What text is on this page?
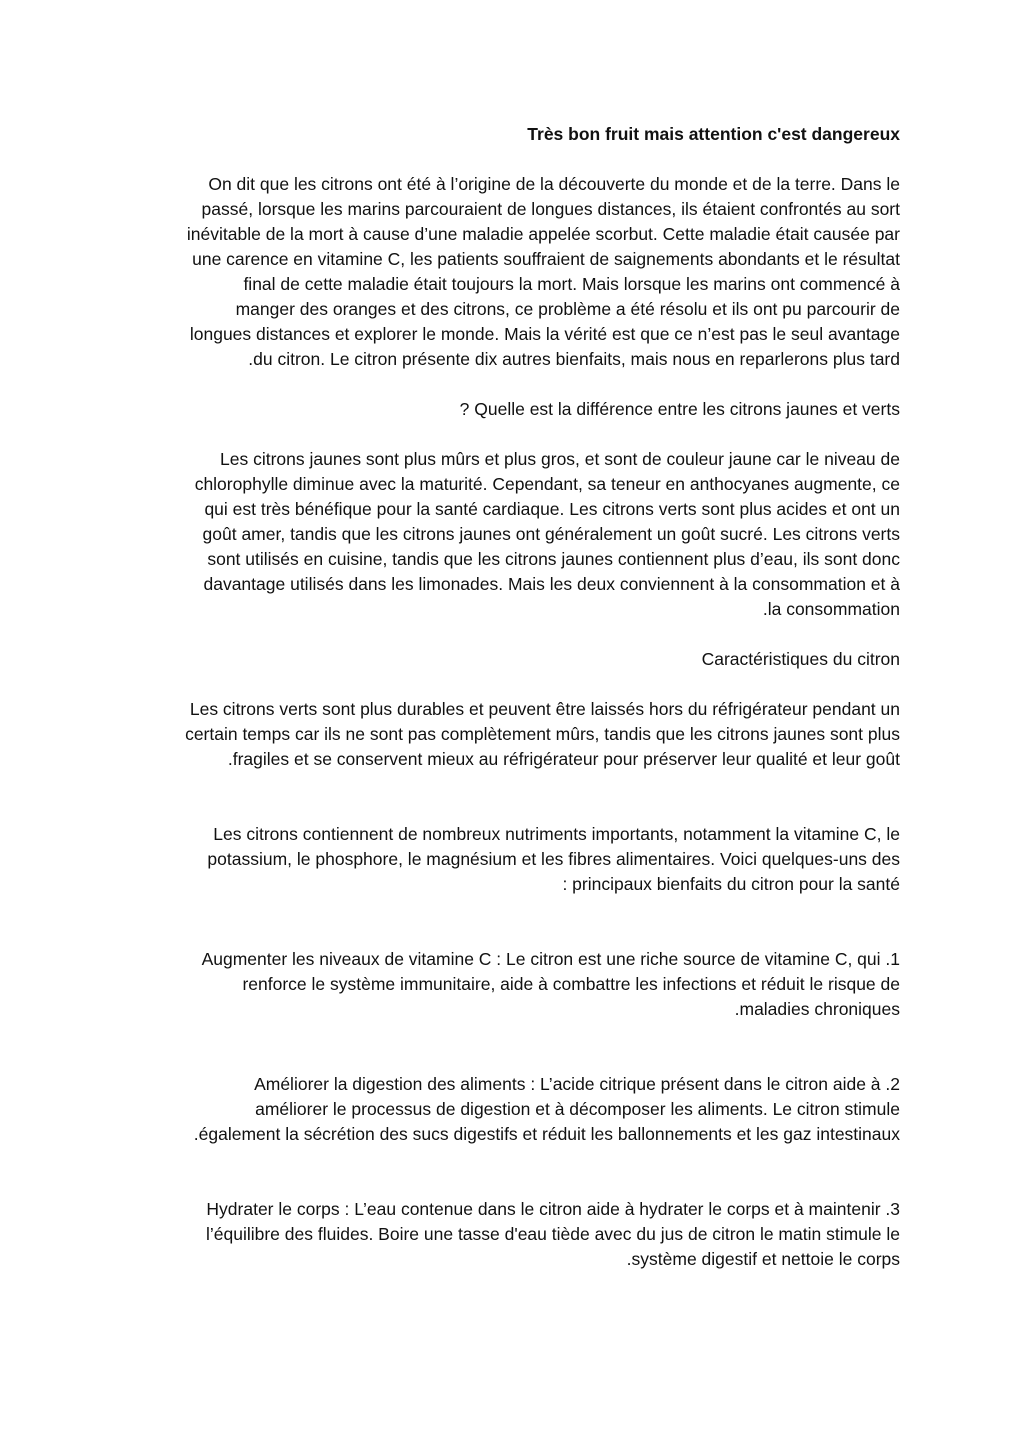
Très bon fruit mais attention c'est dangereux
On dit que les citrons ont été à l’origine de la découverte du monde et de la terre. Dans le
passé, lorsque les marins parcouraient de longues distances, ils étaient confrontés au sort
inévitable de la mort à cause d’une maladie appelée scorbut. Cette maladie était causée par
une carence en vitamine C, les patients souffraient de saignements abondants et le résultat
final de cette maladie était toujours la mort. Mais lorsque les marins ont commencé à
manger des oranges et des citrons, ce problème a été résolu et ils ont pu parcourir de
longues distances et explorer le monde. Mais la vérité est que ce n’est pas le seul avantage
.du citron. Le citron présente dix autres bienfaits, mais nous en reparlerons plus tard
? Quelle est la différence entre les citrons jaunes et verts
Les citrons jaunes sont plus mûrs et plus gros, et sont de couleur jaune car le niveau de
chlorophylle diminue avec la maturité. Cependant, sa teneur en anthocyanes augmente, ce
qui est très bénéfique pour la santé cardiaque. Les citrons verts sont plus acides et ont un
goût amer, tandis que les citrons jaunes ont généralement un goût sucré. Les citrons verts
sont utilisés en cuisine, tandis que les citrons jaunes contiennent plus d’eau, ils sont donc
davantage utilisés dans les limonades. Mais les deux conviennent à la consommation et à
.la consommation
Caractéristiques du citron
Les citrons verts sont plus durables et peuvent être laissés hors du réfrigérateur pendant un
certain temps car ils ne sont pas complètement mûrs, tandis que les citrons jaunes sont plus
.fragiles et se conservent mieux au réfrigérateur pour préserver leur qualité et leur goût
Les citrons contiennent de nombreux nutriments importants, notamment la vitamine C, le
potassium, le phosphore, le magnésium et les fibres alimentaires. Voici quelques-uns des
: principaux bienfaits du citron pour la santé
Augmenter les niveaux de vitamine C : Le citron est une riche source de vitamine C, qui .1
renforce le système immunitaire, aide à combattre les infections et réduit le risque de
.maladies chroniques
Améliorer la digestion des aliments : L’acide citrique présent dans le citron aide à .2
améliorer le processus de digestion et à décomposer les aliments. Le citron stimule
.également la sécrétion des sucs digestifs et réduit les ballonnements et les gaz intestinaux
Hydrater le corps : L’eau contenue dans le citron aide à hydrater le corps et à maintenir .3
l’équilibre des fluides. Boire une tasse d'eau tiède avec du jus de citron le matin stimule le
.système digestif et nettoie le corps
